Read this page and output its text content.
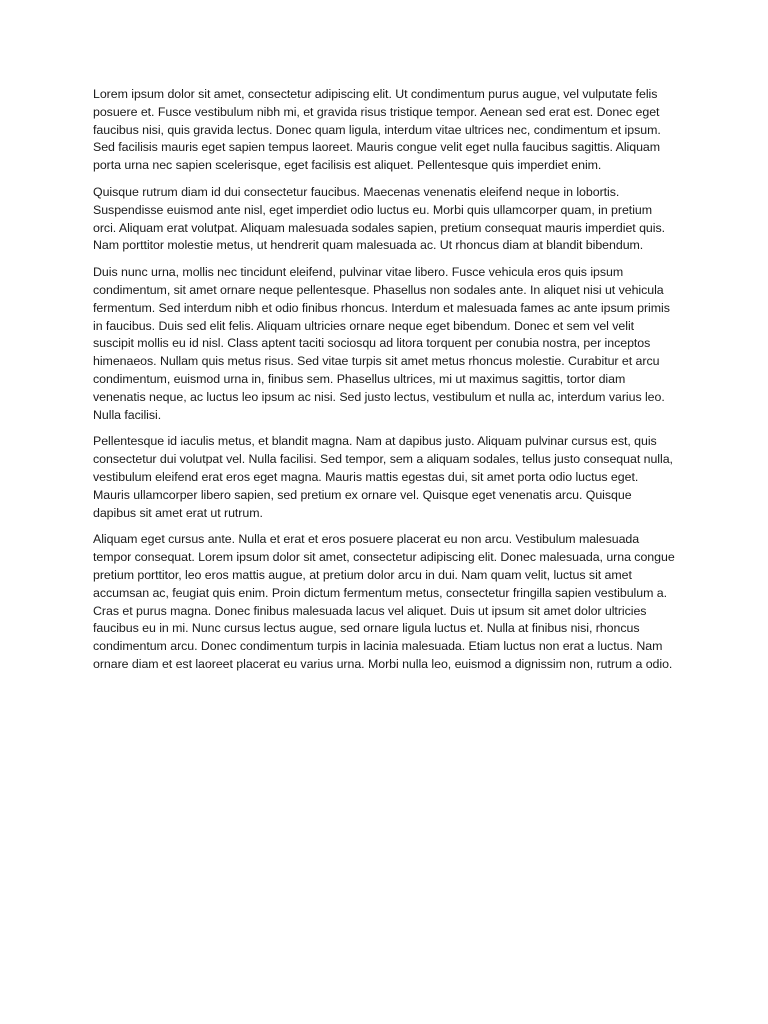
Lorem ipsum dolor sit amet, consectetur adipiscing elit. Ut condimentum purus augue, vel vulputate felis posuere et. Fusce vestibulum nibh mi, et gravida risus tristique tempor. Aenean sed erat est. Donec eget faucibus nisi, quis gravida lectus. Donec quam ligula, interdum vitae ultrices nec, condimentum et ipsum. Sed facilisis mauris eget sapien tempus laoreet. Mauris congue velit eget nulla faucibus sagittis. Aliquam porta urna nec sapien scelerisque, eget facilisis est aliquet. Pellentesque quis imperdiet enim.

Quisque rutrum diam id dui consectetur faucibus. Maecenas venenatis eleifend neque in lobortis. Suspendisse euismod ante nisl, eget imperdiet odio luctus eu. Morbi quis ullamcorper quam, in pretium orci. Aliquam erat volutpat. Aliquam malesuada sodales sapien, pretium consequat mauris imperdiet quis. Nam porttitor molestie metus, ut hendrerit quam malesuada ac. Ut rhoncus diam at blandit bibendum.

Duis nunc urna, mollis nec tincidunt eleifend, pulvinar vitae libero. Fusce vehicula eros quis ipsum condimentum, sit amet ornare neque pellentesque. Phasellus non sodales ante. In aliquet nisi ut vehicula fermentum. Sed interdum nibh et odio finibus rhoncus. Interdum et malesuada fames ac ante ipsum primis in faucibus. Duis sed elit felis. Aliquam ultricies ornare neque eget bibendum. Donec et sem vel velit suscipit mollis eu id nisl. Class aptent taciti sociosqu ad litora torquent per conubia nostra, per inceptos himenaeos. Nullam quis metus risus. Sed vitae turpis sit amet metus rhoncus molestie. Curabitur et arcu condimentum, euismod urna in, finibus sem. Phasellus ultrices, mi ut maximus sagittis, tortor diam venenatis neque, ac luctus leo ipsum ac nisi. Sed justo lectus, vestibulum et nulla ac, interdum varius leo. Nulla facilisi.

Pellentesque id iaculis metus, et blandit magna. Nam at dapibus justo. Aliquam pulvinar cursus est, quis consectetur dui volutpat vel. Nulla facilisi. Sed tempor, sem a aliquam sodales, tellus justo consequat nulla, vestibulum eleifend erat eros eget magna. Mauris mattis egestas dui, sit amet porta odio luctus eget. Mauris ullamcorper libero sapien, sed pretium ex ornare vel. Quisque eget venenatis arcu. Quisque dapibus sit amet erat ut rutrum.

Aliquam eget cursus ante. Nulla et erat et eros posuere placerat eu non arcu. Vestibulum malesuada tempor consequat. Lorem ipsum dolor sit amet, consectetur adipiscing elit. Donec malesuada, urna congue pretium porttitor, leo eros mattis augue, at pretium dolor arcu in dui. Nam quam velit, luctus sit amet accumsan ac, feugiat quis enim. Proin dictum fermentum metus, consectetur fringilla sapien vestibulum a. Cras et purus magna. Donec finibus malesuada lacus vel aliquet. Duis ut ipsum sit amet dolor ultricies faucibus eu in mi. Nunc cursus lectus augue, sed ornare ligula luctus et. Nulla at finibus nisi, rhoncus condimentum arcu. Donec condimentum turpis in lacinia malesuada. Etiam luctus non erat a luctus. Nam ornare diam et est laoreet placerat eu varius urna. Morbi nulla leo, euismod a dignissim non, rutrum a odio.
